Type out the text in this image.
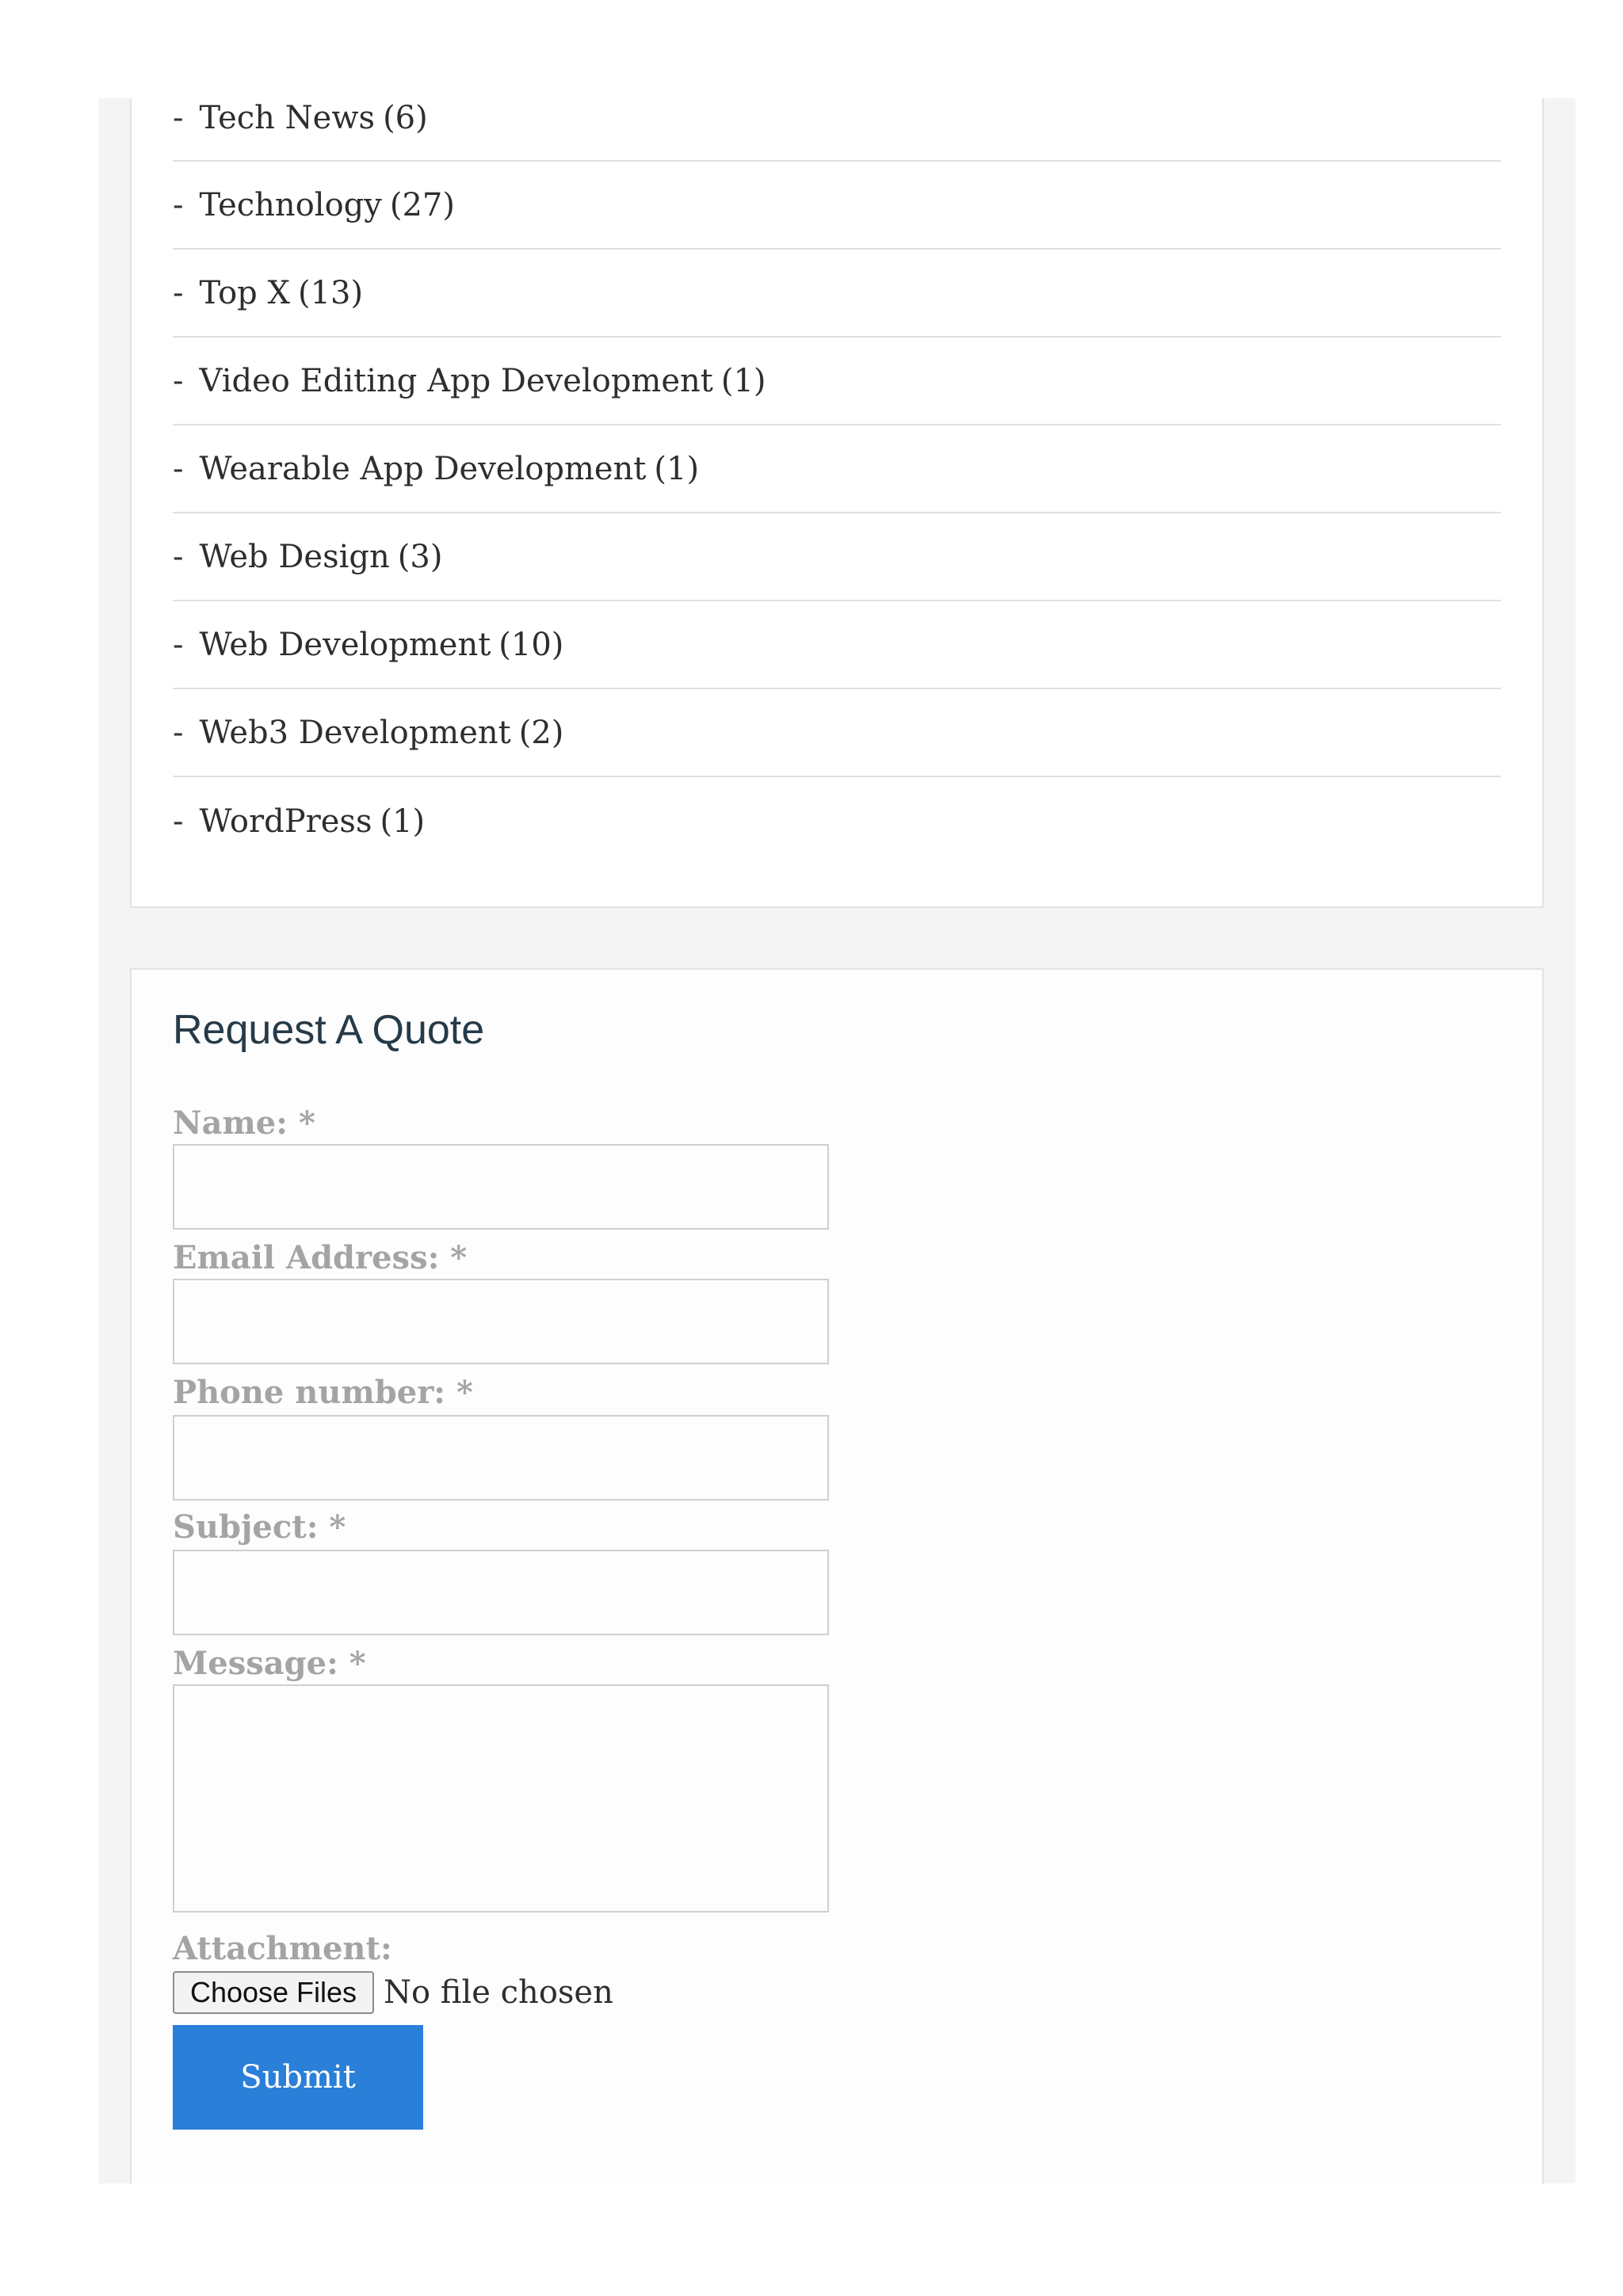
- Tech News (6)
- Technology (27)
- Top X (13)
- Video Editing App Development (1)
- Wearable App Development (1)
- Web Design (3)
- Web Development (10)
- Web3 Development (2)
- WordPress (1)
Request A Quote
Name: *
Email Address: *
Phone number: *
Subject: *
Message: *
Attachment:
Choose Files No file chosen
Submit
